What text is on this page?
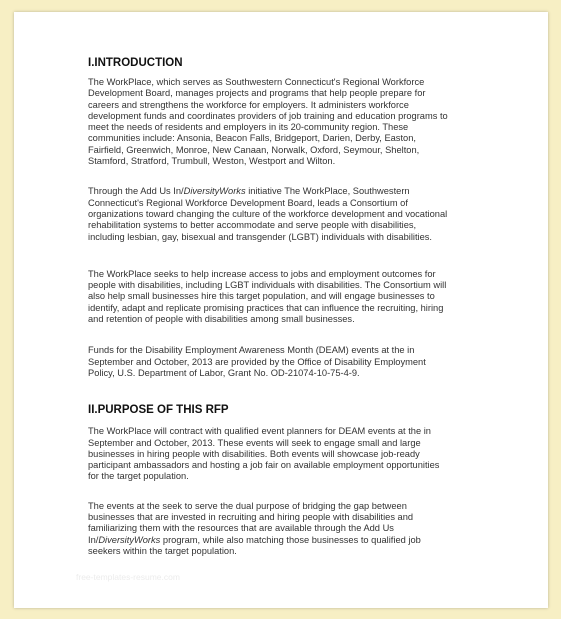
I.INTRODUCTION

The WorkPlace, which serves as Southwestern Connecticut's Regional Workforce
Development Board, manages projects and programs that help people prepare for
careers and strengthens the workforce for employers. It administers workforce
development funds and coordinates providers of job training and education programs to
meet the needs of residents and employers in its 20-community region. These
communities include: Ansonia, Beacon Falls, Bridgeport, Darien, Derby, Easton,
Fairfield, Greenwich, Monroe, New Canaan, Norwalk, Oxford, Seymour, Shelton,
Stamford, Stratford, Trumbull, Weston, Westport and Wilton.

Through the Add Us In/DiversityWorks initiative The WorkPlace, Southwestern
Connecticut's Regional Workforce Development Board, leads a Consortium of
organizations toward changing the culture of the workforce development and vocational
rehabilitation systems to better accommodate and serve people with disabilities,
including lesbian, gay, bisexual and transgender (LGBT) individuals with disabilities.

The WorkPlace seeks to help increase access to jobs and employment outcomes for
people with disabilities, including LGBT individuals with disabilities. The Consortium will
also help small businesses hire this target population, and will engage businesses to
identify, adapt and replicate promising practices that can influence the recruiting, hiring
and retention of people with disabilities among small businesses.

Funds for the Disability Employment Awareness Month (DEAM) events at the in
September and October, 2013 are provided by the Office of Disability Employment
Policy, U.S. Department of Labor, Grant No. OD-21074-10-75-4-9.

II.PURPOSE OF THIS RFP

The WorkPlace will contract with qualified event planners for DEAM events at the in
September and October, 2013. These events will seek to engage small and large
businesses in hiring people with disabilities. Both events will showcase job-ready
participant ambassadors and hosting a job fair on available employment opportunities
for the target population.

The events at the seek to serve the dual purpose of bridging the gap between
businesses that are invested in recruiting and hiring people with disabilities and
familiarizing them with the resources that are available through the Add Us
In/DiversityWorks program, while also matching those businesses to qualified job
seekers within the target population.

free-templates-resume.com
